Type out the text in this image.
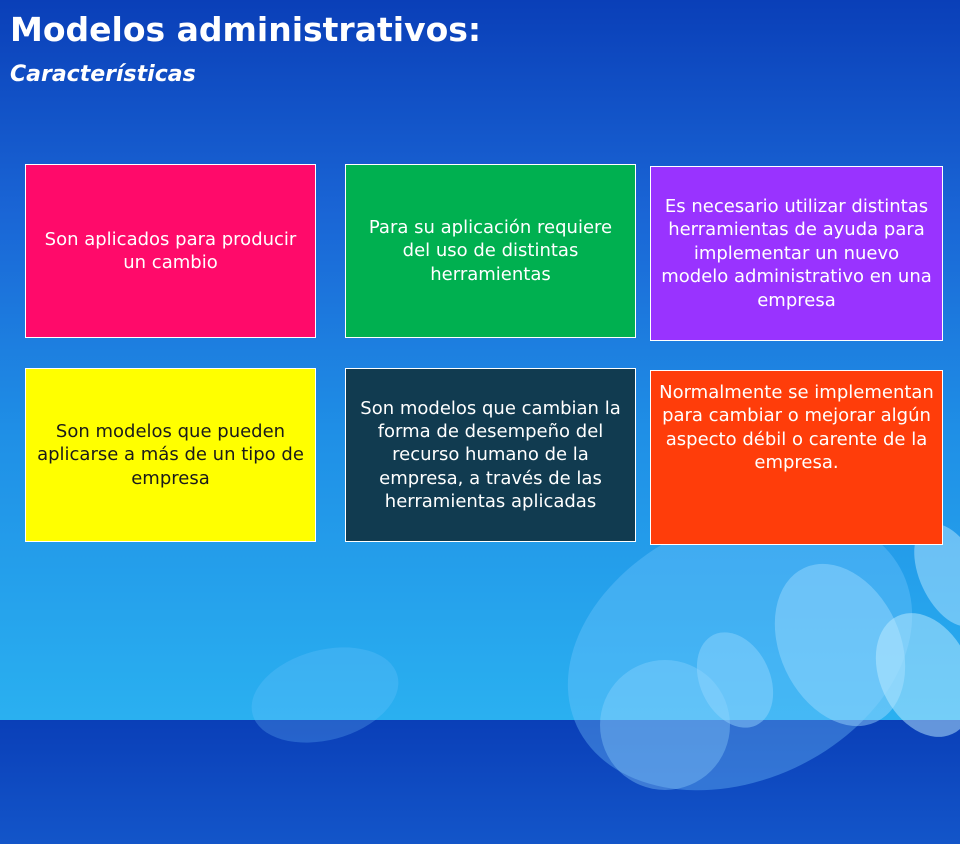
Modelos administrativos:
Características
Son aplicados para producir un cambio
Para su aplicación requiere del uso de distintas herramientas
Es necesario utilizar distintas herramientas de ayuda para implementar un nuevo modelo administrativo en una empresa
Son modelos que pueden aplicarse a más de un tipo de empresa
Son modelos que cambian la forma de desempeño del recurso humano de la empresa, a través de las herramientas aplicadas
Normalmente se implementan para cambiar o mejorar algún aspecto débil o carente de la empresa.
